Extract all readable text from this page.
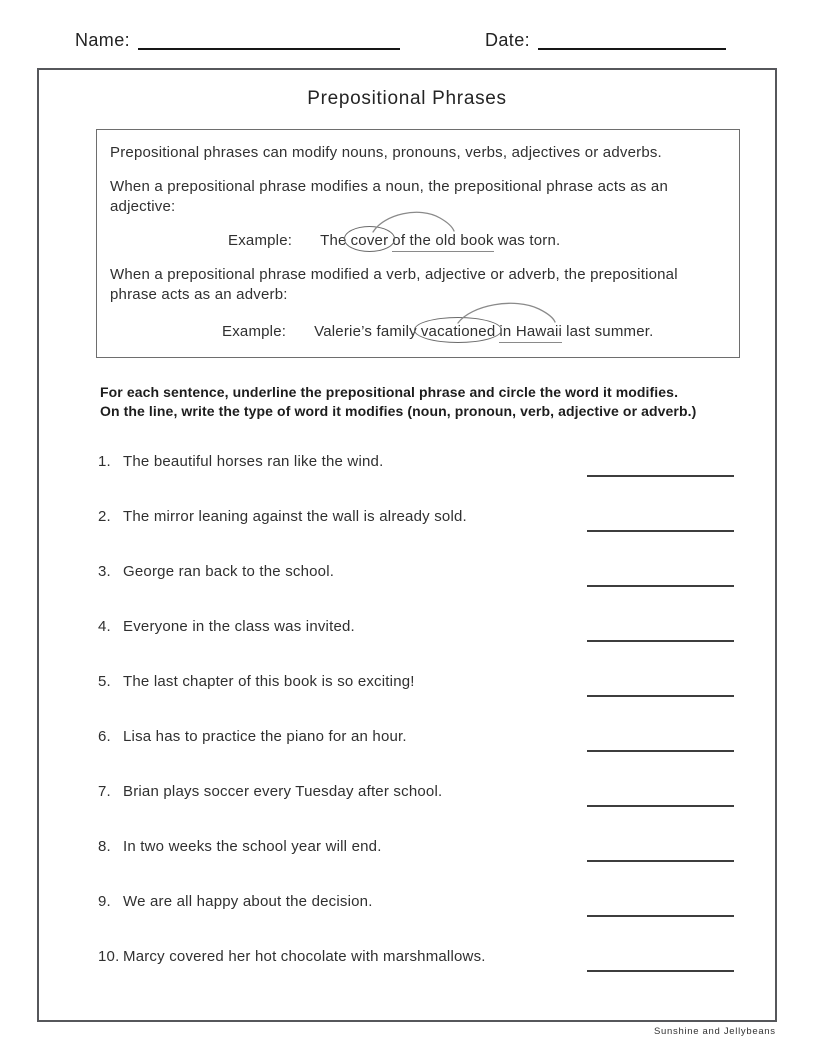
Name:	Date:
Prepositional Phrases
Prepositional phrases can modify nouns, pronouns, verbs, adjectives or adverbs.
When a prepositional phrase modifies a noun, the prepositional phrase acts as an adjective:
Example: The cover of the old book was torn.
When a prepositional phrase modified a verb, adjective or adverb, the prepositional phrase acts as an adverb:
Example: Valerie’s family vacationed in Hawaii last summer.
For each sentence, underline the prepositional phrase and circle the word it modifies.
On the line, write the type of word it modifies (noun, pronoun, verb, adjective or adverb.)
1. The beautiful horses ran like the wind.
2. The mirror leaning against the wall is already sold.
3. George ran back to the school.
4. Everyone in the class was invited.
5. The last chapter of this book is so exciting!
6. Lisa has to practice the piano for an hour.
7. Brian plays soccer every Tuesday after school.
8. In two weeks the school year will end.
9. We are all happy about the decision.
10. Marcy covered her hot chocolate with marshmallows.
Sunshine and Jellybeans
